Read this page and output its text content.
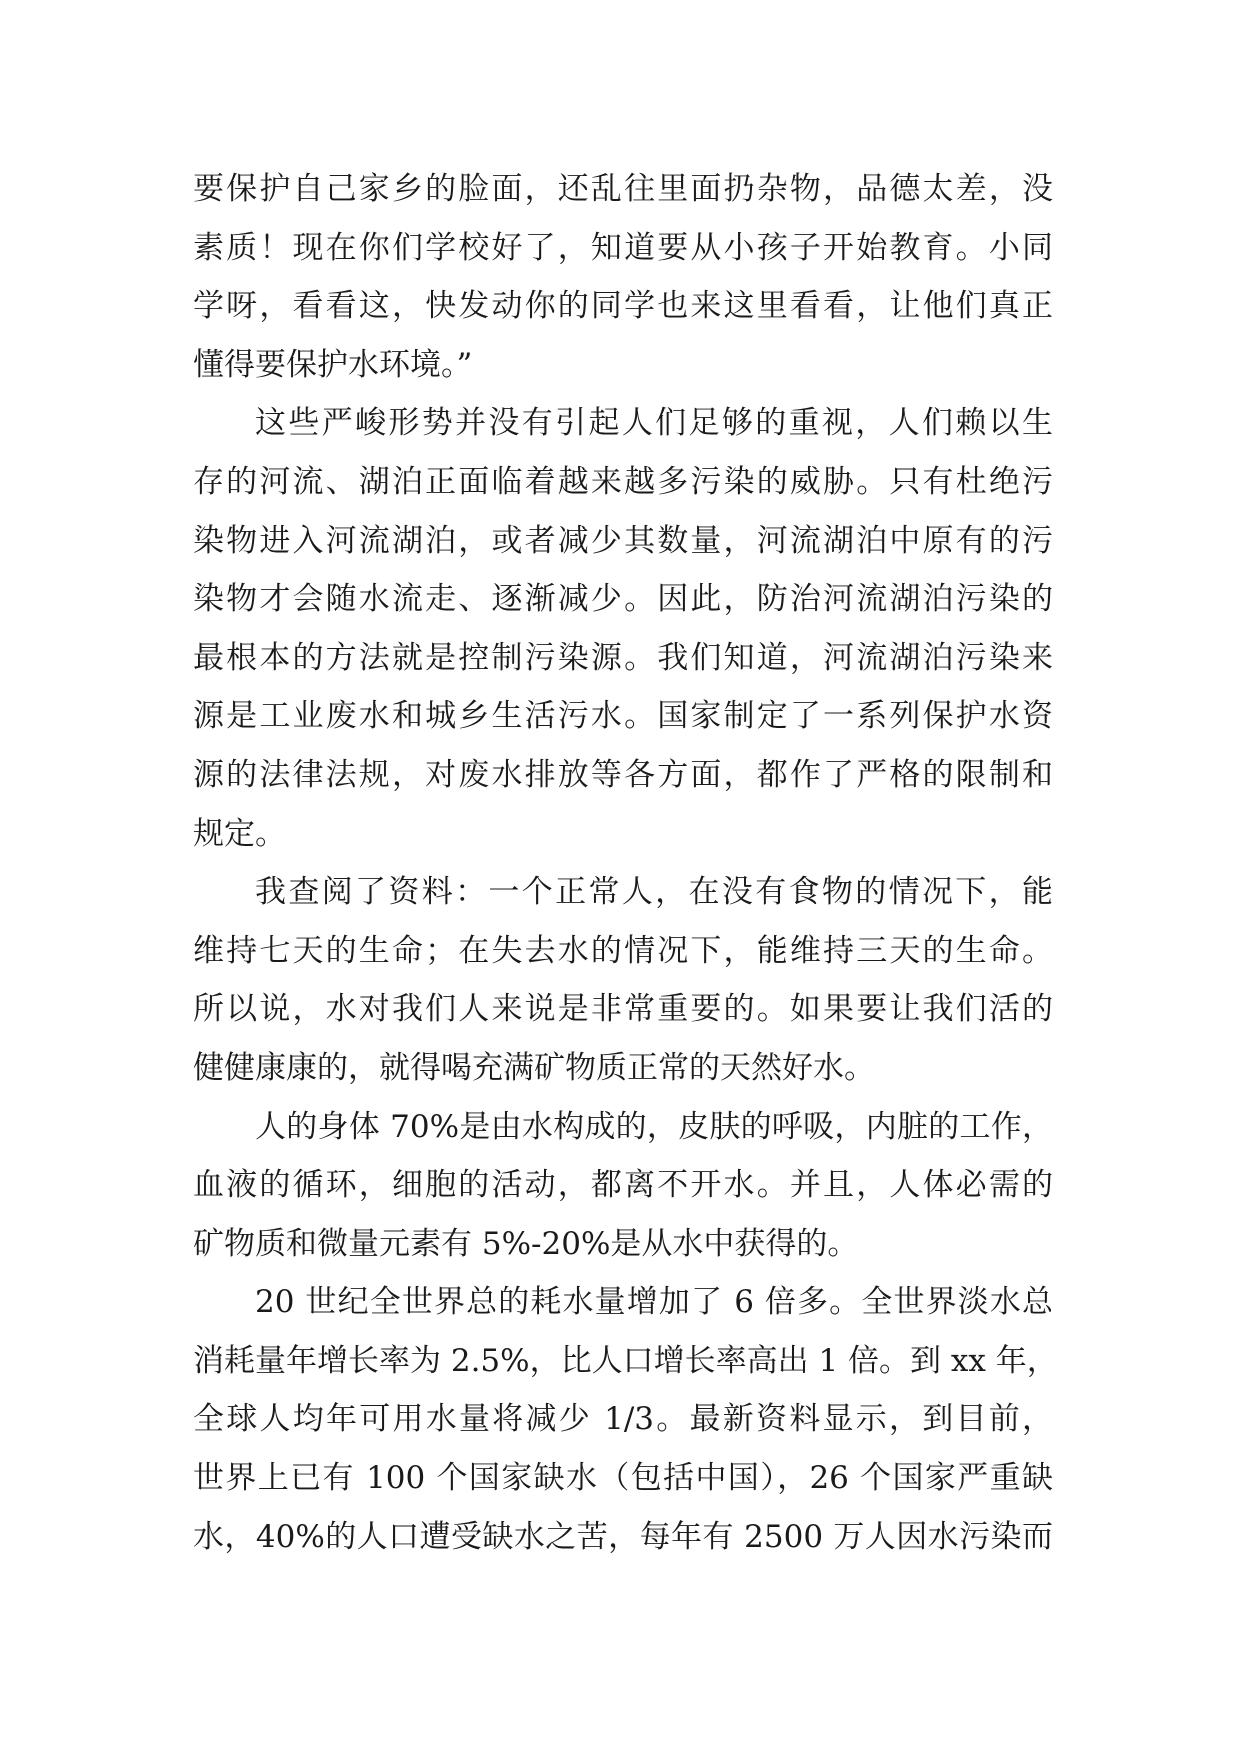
要保护自己家乡的脸面，还乱往里面扔杂物，品德太差，没
素质！现在你们学校好了，知道要从小孩子开始教育。小同
学呀，看看这，快发动你的同学也来这里看看，让他们真正
懂得要保护水环境。”
这些严峻形势并没有引起人们足够的重视，人们赖以生
存的河流、湖泊正面临着越来越多污染的威胁。只有杜绝污
染物进入河流湖泊，或者减少其数量，河流湖泊中原有的污
染物才会随水流走、逐渐减少。因此，防治河流湖泊污染的
最根本的方法就是控制污染源。我们知道，河流湖泊污染来
源是工业废水和城乡生活污水。国家制定了一系列保护水资
源的法律法规，对废水排放等各方面，都作了严格的限制和
规定。
我查阅了资料：一个正常人，在没有食物的情况下，能
维持七天的生命；在失去水的情况下，能维持三天的生命。
所以说，水对我们人来说是非常重要的。如果要让我们活的
健健康康的，就得喝充满矿物质正常的天然好水。
人的身体 70%是由水构成的，皮肤的呼吸，内脏的工作，
血液的循环，细胞的活动，都离不开水。并且，人体必需的
矿物质和微量元素有 5%-20%是从水中获得的。
20 世纪全世界总的耗水量增加了 6 倍多。全世界淡水总
消耗量年增长率为 2.5%，比人口增长率高出 1 倍。到 xx 年，
全球人均年可用水量将减少 1/3。最新资料显示，到目前，
世界上已有 100 个国家缺水（包括中国），26 个国家严重缺
水，40%的人口遭受缺水之苦，每年有 2500 万人因水污染而
